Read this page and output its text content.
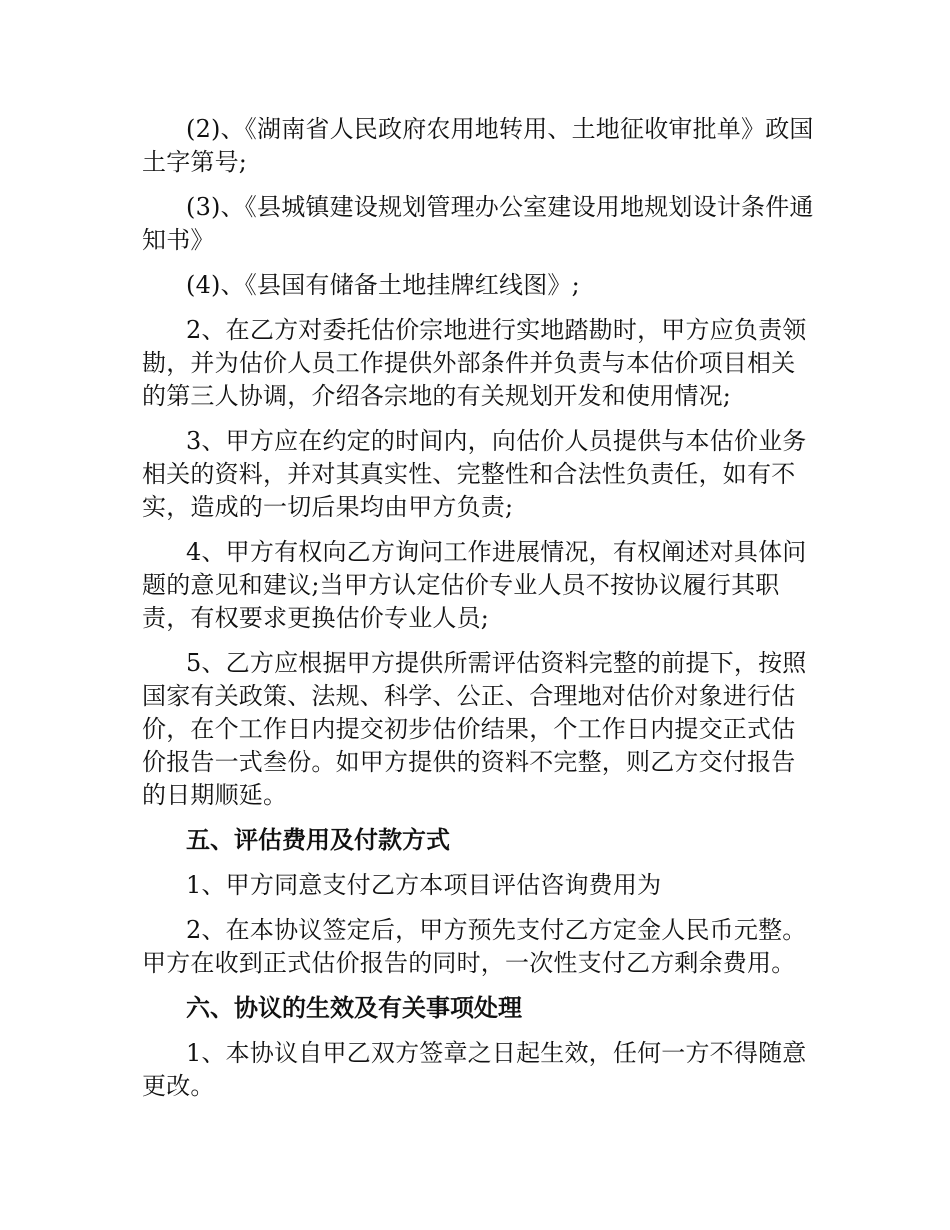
(2)、《湖南省人民政府农用地转用、土地征收审批单》政国土字第号;

(3)、《县城镇建设规划管理办公室建设用地规划设计条件通知书》

(4)、《县国有储备土地挂牌红线图》;

2、在乙方对委托估价宗地进行实地踏勘时，甲方应负责领勘，并为估价人员工作提供外部条件并负责与本估价项目相关的第三人协调，介绍各宗地的有关规划开发和使用情况;

3、甲方应在约定的时间内，向估价人员提供与本估价业务相关的资料，并对其真实性、完整性和合法性负责任，如有不实，造成的一切后果均由甲方负责;

4、甲方有权向乙方询问工作进展情况，有权阐述对具体问题的意见和建议;当甲方认定估价专业人员不按协议履行其职责，有权要求更换估价专业人员;

5、乙方应根据甲方提供所需评估资料完整的前提下，按照国家有关政策、法规、科学、公正、合理地对估价对象进行估价，在个工作日内提交初步估价结果，个工作日内提交正式估价报告一式叁份。如甲方提供的资料不完整，则乙方交付报告的日期顺延。

五、评估费用及付款方式

1、甲方同意支付乙方本项目评估咨询费用为

2、在本协议签定后，甲方预先支付乙方定金人民币元整。甲方在收到正式估价报告的同时，一次性支付乙方剩余费用。

六、协议的生效及有关事项处理

1、本协议自甲乙双方签章之日起生效，任何一方不得随意更改。
